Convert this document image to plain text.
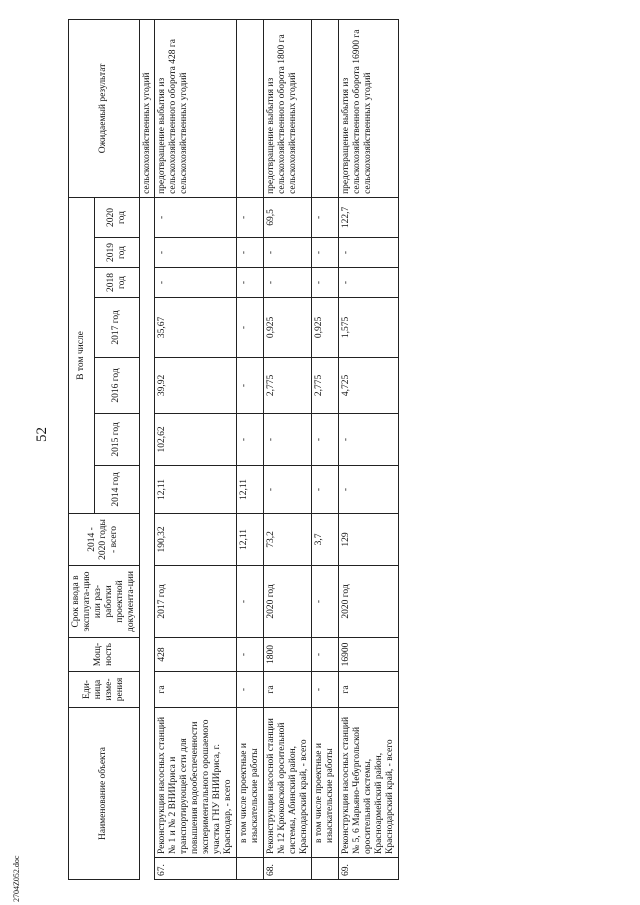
52
Наименование объекта		Еди-ница изме-рения	Мощ-ность	Срок ввода в эксплуата-цию или раз-работки проектной документа-ции	2014 - 2020 годы - всего	В том числе							Ожидаемый результат
						2014 год	2015 год	2016 год	2017 год	2018 год	2019 год	2020 год	
													сельскохозяйственных угодий
67.	Реконструкция насосных станций № 1 и № 2 ВНИИриса и транспортирующей сети для повышения водообеспеченности экспериментального орошаемого участка ГНУ ВНИИриса, г. Краснодар, - всего	га	428	2017 год	190,32	12,11	102,62	39,92	35,67	-	-	-	предотвращение выбытия из сельскохозяйственного оборота 428 га сельскохозяйственных угодий
	в том числе проектные и изыскательские работы	-	-	-	12,11	12,11	-	-	-	-	-	-	
68.	Реконструкция насосной станции № 12 Крюковской оросительной системы, Абинский район, Краснодарский край, - всего	га	1800	2020 год	73,2	-	-	2,775	0,925	-	-	69,5	предотвращение выбытия из сельскохозяйственного оборота 1800 га сельскохозяйственных угодий
	в том числе проектные и изыскательские работы	-	-	-	3,7	-	-	2,775	0,925	-	-	-	
69.	Реконструкция насосных станций № 5, 6 Марьяно-Чебургольской оросительной системы, Красноармейский район, Краснодарский край, - всего	га	16900	2020 год	129	-	-	4,725	1,575	-	-	122,7	предотвращение выбытия из сельскохозяйственного оборота 16900 га сельскохозяйственных угодий
2704Z052.doc
